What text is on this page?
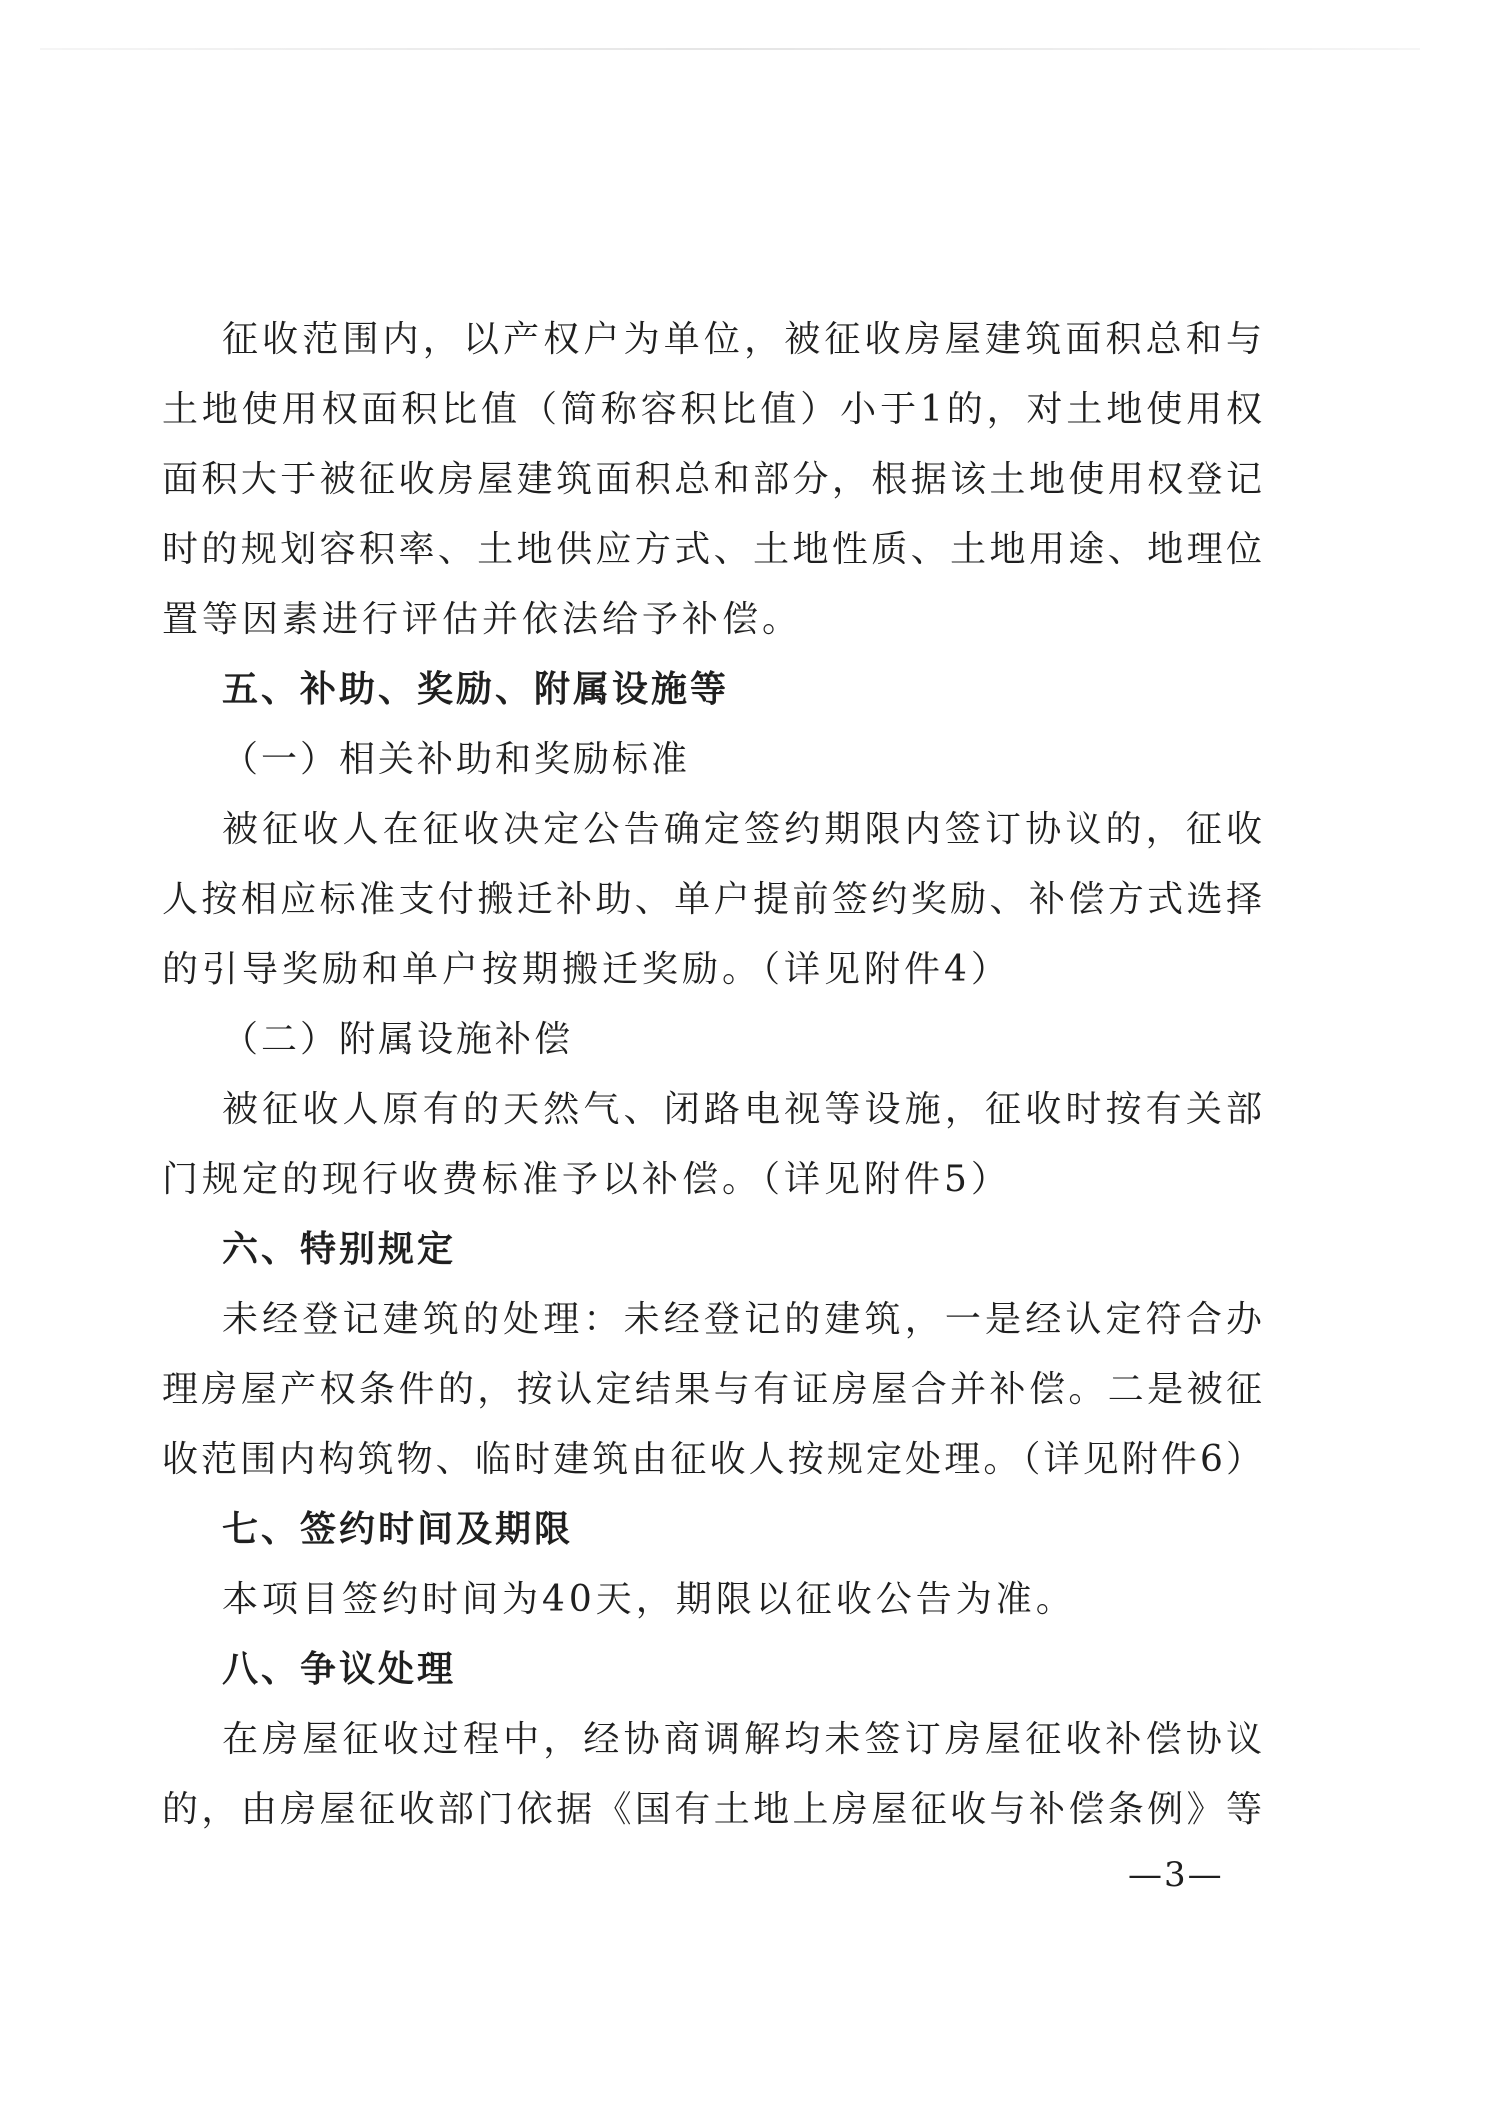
征收范围内，以产权户为单位，被征收房屋建筑面积总和与
土地使用权面积比值（简称容积比值）小于1的，对土地使用权
面积大于被征收房屋建筑面积总和部分，根据该土地使用权登记
时的规划容积率、土地供应方式、土地性质、土地用途、地理位
置等因素进行评估并依法给予补偿。
五、补助、奖励、附属设施等
（一）相关补助和奖励标准
被征收人在征收决定公告确定签约期限内签订协议的，征收
人按相应标准支付搬迁补助、单户提前签约奖励、补偿方式选择
的引导奖励和单户按期搬迁奖励。（详见附件4）
（二）附属设施补偿
被征收人原有的天然气、闭路电视等设施，征收时按有关部
门规定的现行收费标准予以补偿。（详见附件5）
六、特别规定
未经登记建筑的处理：未经登记的建筑，一是经认定符合办
理房屋产权条件的，按认定结果与有证房屋合并补偿。二是被征
收范围内构筑物、临时建筑由征收人按规定处理。（详见附件6）
七、签约时间及期限
本项目签约时间为40天，期限以征收公告为准。
八、争议处理
在房屋征收过程中，经协商调解均未签订房屋征收补偿协议
的，由房屋征收部门依据《国有土地上房屋征收与补偿条例》等
—3—
